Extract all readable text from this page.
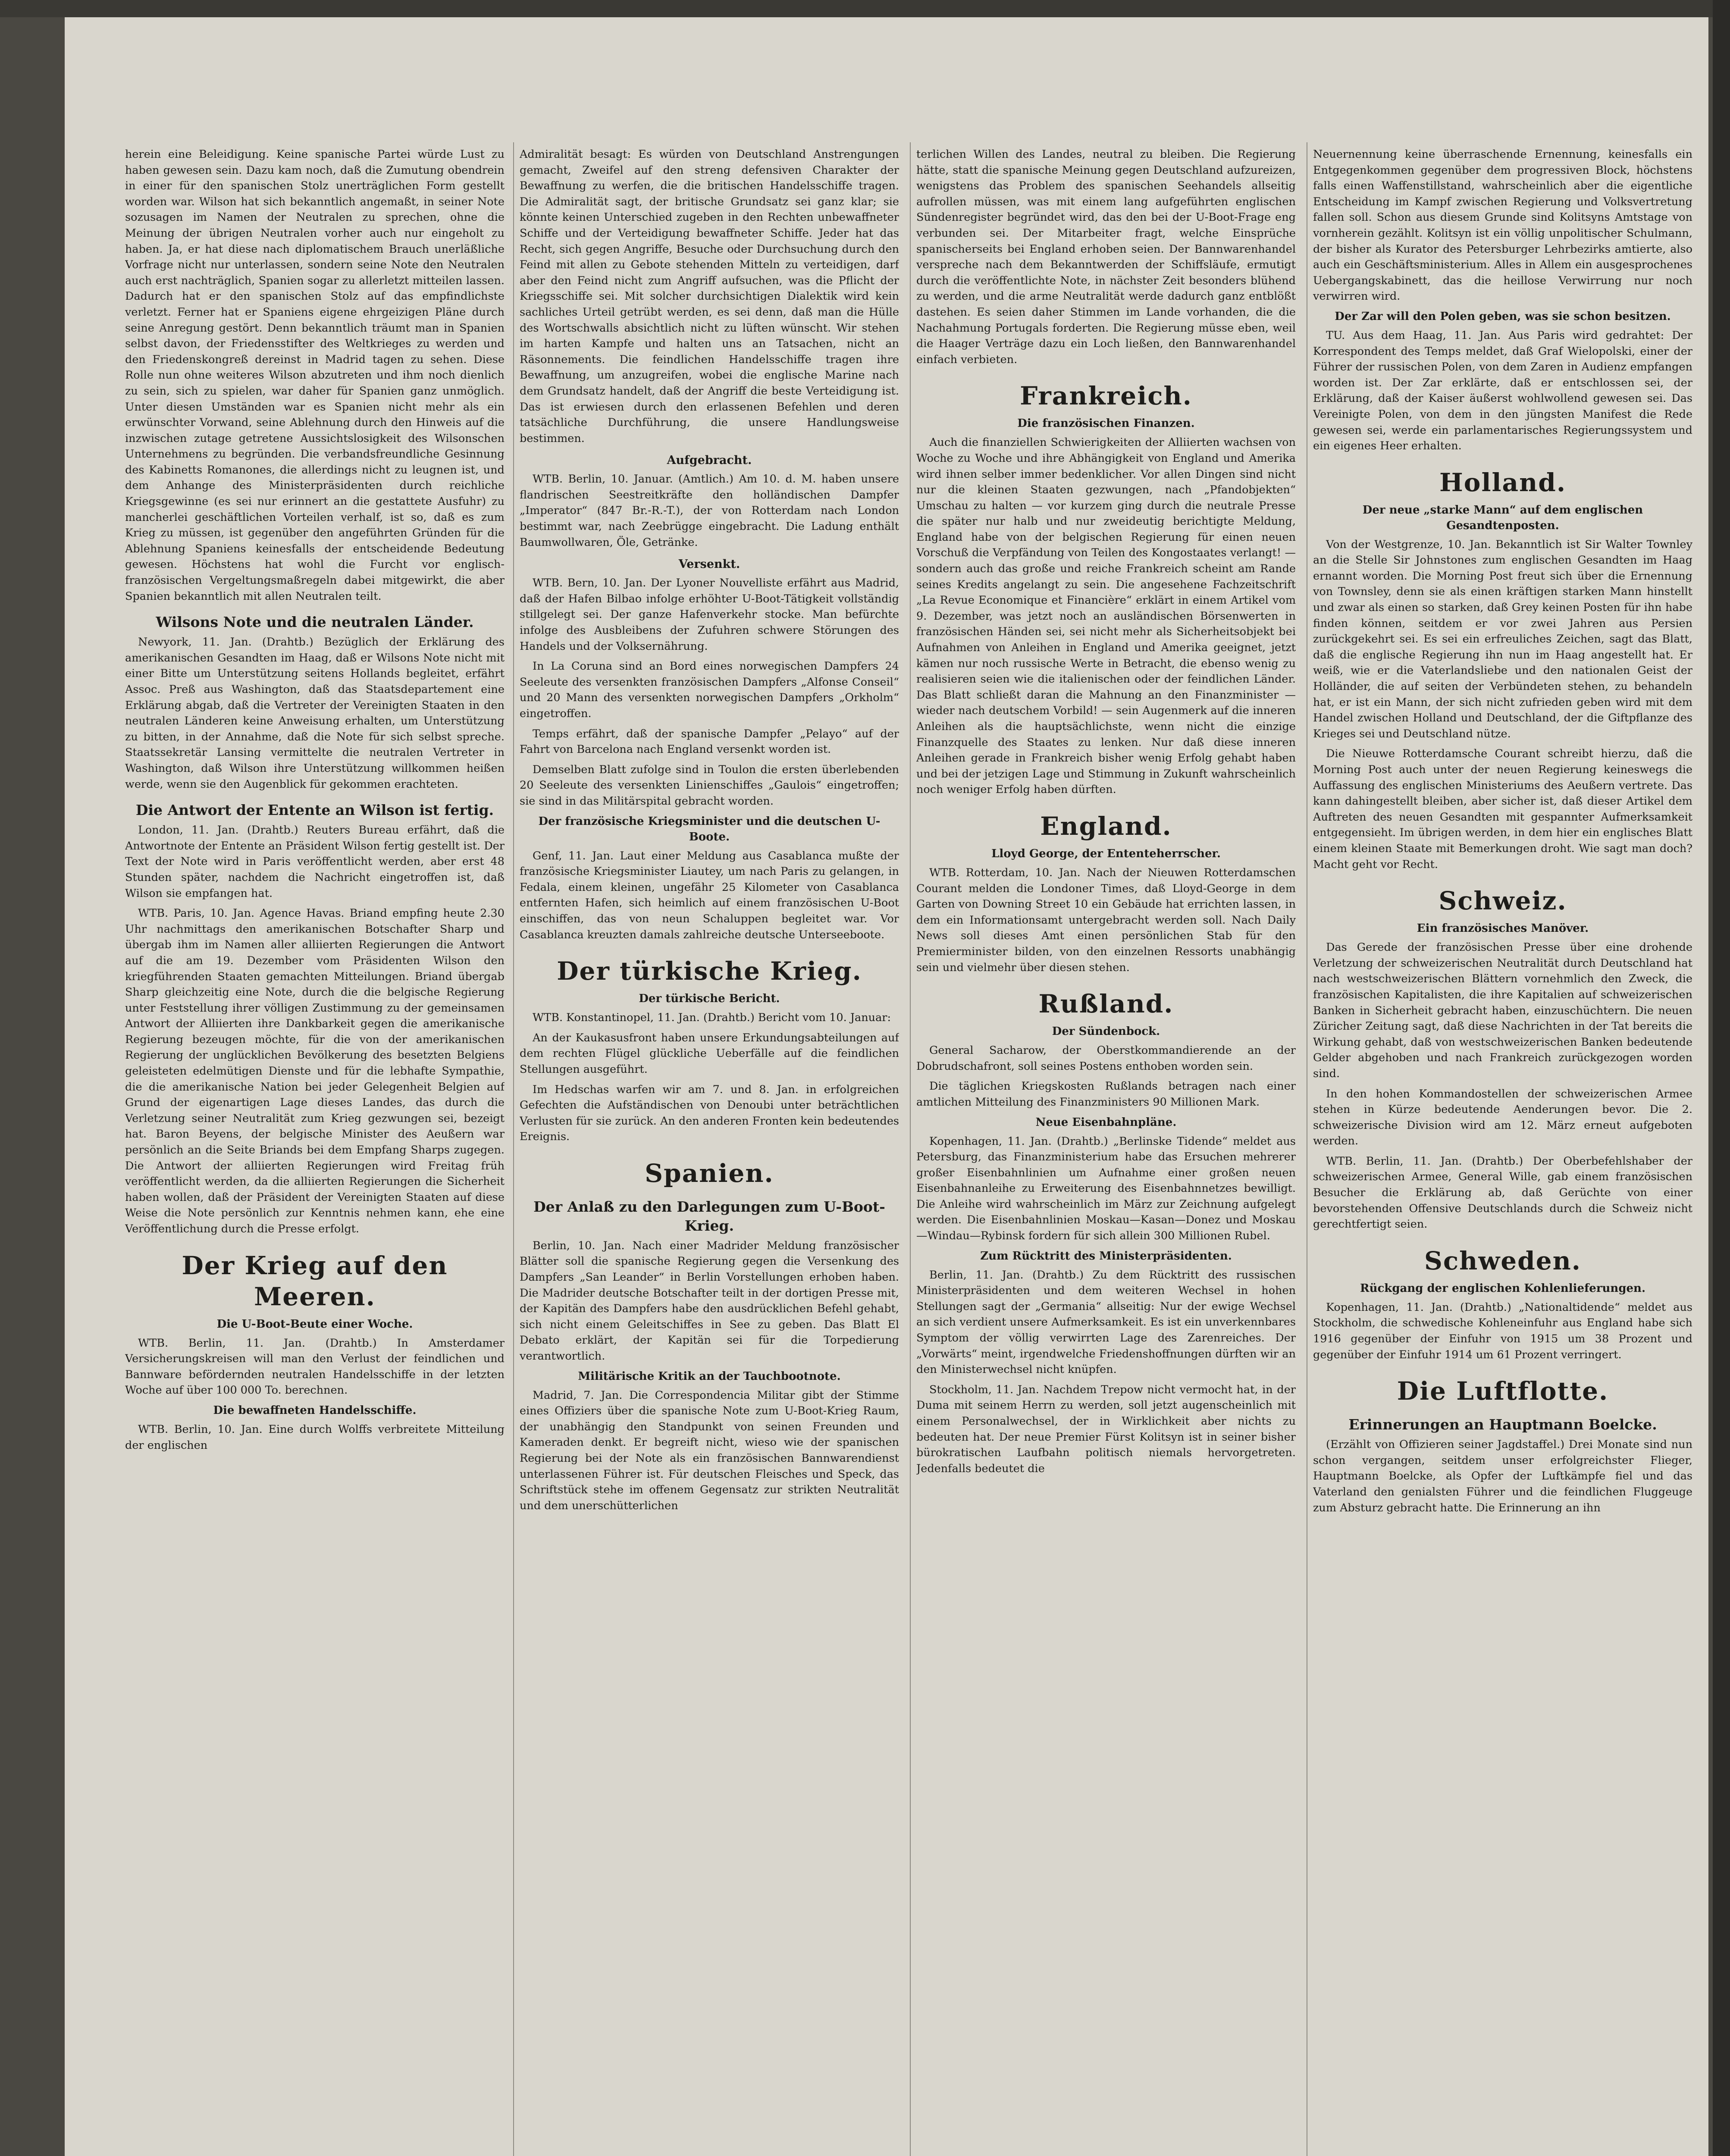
herein eine Beleidigung. Keine spanische Partei würde Lust zu haben gewesen sein. Dazu kam noch, daß die Zumutung obendrein in einer für den spanischen Stolz unerträglichen Form gestellt worden war. Wilson hat sich bekanntlich angemaßt, in seiner Note sozusagen im Namen der Neutralen zu sprechen, ohne die Meinung der übrigen Neutralen vorher auch nur eingeholt zu haben. Ja, er hat diese nach diplomatischem Brauch unerläßliche Vorfrage nicht nur unterlassen, sondern seine Note den Neutralen auch erst nachträglich, Spanien sogar zu allerletzt mitteilen lassen. Dadurch hat er den spanischen Stolz auf das empfindlichste verletzt. Ferner hat er Spaniens eigene ehrgeizigen Pläne durch seine Anregung gestört. Denn bekanntlich träumt man in Spanien selbst davon, der Friedensstifter des Weltkrieges zu werden und den Friedenskongreß dereinst in Madrid tagen zu sehen. Diese Rolle nun ohne weiteres Wilson abzutreten und ihm noch dienlich zu sein, sich zu spielen, war daher für Spanien ganz unmöglich. Unter diesen Umständen war es Spanien nicht mehr als ein erwünschter Vorwand, seine Ablehnung durch den Hinweis auf die inzwischen zutage getretene Aussichtslosigkeit des Wilsonschen Unternehmens zu begründen. Die verbandsfreundliche Gesinnung des Kabinetts Romanones, die allerdings nicht zu leugnen ist, und dem Anhange des Ministerpräsidenten durch reichliche Kriegsgewinne (es sei nur erinnert an die gestattete Ausfuhr) zu mancherlei geschäftlichen Vorteilen verhalf, ist so, daß es zum Krieg zu müssen, ist gegenüber den angeführten Gründen für die Ablehnung Spaniens keinesfalls der entscheidende Bedeutung gewesen. Höchstens hat wohl die Furcht vor englisch-französischen Vergeltungsmaßregeln dabei mitgewirkt, die aber Spanien bekanntlich mit allen Neutralen teilt.

Wilsons Note und die neutralen Länder.

Newyork, 11. Jan. (Drahtb.) Bezüglich der Erklärung des amerikanischen Gesandten im Haag, daß er Wilsons Note nicht mit einer Bitte um Unterstützung seitens Hollands begleitet, erfährt Assoc. Preß aus Washington, daß das Staatsdepartement eine Erklärung abgab, daß die Vertreter der Vereinigten Staaten in den neutralen Länderen keine Anweisung erhalten, um Unterstützung zu bitten, in der Annahme, daß die Note für sich selbst spreche. Staatssekretär Lansing vermittelte die neutralen Vertreter in Washington, daß Wilson ihre Unterstützung willkommen heißen werde, wenn sie den Augenblick für gekommen erachteten.

Die Antwort der Entente an Wilson ist fertig.

London, 11. Jan. (Drahtb.) Reuters Bureau erfährt, daß die Antwortnote der Entente an Präsident Wilson fertig gestellt ist. Der Text der Note wird in Paris veröffentlicht werden, aber erst 48 Stunden später, nachdem die Nachricht eingetroffen ist, daß Wilson sie empfangen hat.

WTB. Paris, 10. Jan. Agence Havas. Briand empfing heute 2.30 Uhr nachmittags den amerikanischen Botschafter Sharp und übergab ihm im Namen aller alliierten Regierungen die Antwort auf die am 19. Dezember vom Präsidenten Wilson den kriegführenden Staaten gemachten Mitteilungen. Briand übergab Sharp gleichzeitig eine Note, durch die die belgische Regierung unter Feststellung ihrer völligen Zustimmung zu der gemeinsamen Antwort der Alliierten ihre Dankbarkeit gegen die amerikanische Regierung bezeugen möchte, für die von der amerikanischen Regierung der unglücklichen Bevölkerung des besetzten Belgiens geleisteten edelmütigen Dienste und für die lebhafte Sympathie, die die amerikanische Nation bei jeder Gelegenheit Belgien auf Grund der eigenartigen Lage dieses Landes, das durch die Verletzung seiner Neutralität zum Krieg gezwungen sei, bezeigt hat. Baron Beyens, der belgische Minister des Aeußern war persönlich an die Seite Briands bei dem Empfang Sharps zugegen. Die Antwort der alliierten Regierungen wird Freitag früh veröffentlicht werden, da die alliierten Regierungen die Sicherheit haben wollen, daß der Präsident der Vereinigten Staaten auf diese Weise die Note persönlich zur Kenntnis nehmen kann, ehe eine Veröffentlichung durch die Presse erfolgt.

Der Krieg auf den Meeren.
Die U-Boot-Beute einer Woche.

WTB. Berlin, 11. Jan. (Drahtb.) In Amsterdamer Versicherungskreisen will man den Verlust der feindlichen und Bannware befördernden neutralen Handelsschiffe in der letzten Woche auf über 100 000 To. berechnen.

Die bewaffneten Handelsschiffe.

WTB. Berlin, 10. Jan. Eine durch Wolffs verbreitete Mitteilung der englischen

Admiralität besagt: Es würden von Deutschland Anstrengungen gemacht, Zweifel auf den streng defensiven Charakter der Bewaffnung zu werfen, die die britischen Handelsschiffe tragen. Die Admiralität sagt, der britische Grundsatz sei ganz klar; sie könnte keinen Unterschied zugeben in den Rechten unbewaffneter Schiffe und der Verteidigung bewaffneter Schiffe. Jeder hat das Recht, sich gegen Angriffe, Besuche oder Durchsuchung durch den Feind mit allen zu Gebote stehenden Mitteln zu verteidigen, darf aber den Feind nicht zum Angriff aufsuchen, was die Pflicht der Kriegsschiffe sei. Mit solcher durchsichtigen Dialektik wird kein sachliches Urteil getrübt werden, es sei denn, daß man die Hülle des Wortschwalls absichtlich nicht zu lüften wünscht. Wir stehen im harten Kampfe und halten uns an Tatsachen, nicht an Räsonnements. Die feindlichen Handelsschiffe tragen ihre Bewaffnung, um anzugreifen, wobei die englische Marine nach dem Grundsatz handelt, daß der Angriff die beste Verteidigung ist. Das ist erwiesen durch den erlassenen Befehlen und deren tatsächliche Durchführung, die unsere Handlungsweise bestimmen.

Aufgebracht.

WTB. Berlin, 10. Januar. (Amtlich.) Am 10. d. M. haben unsere flandrischen Seestreitkräfte den holländischen Dampfer „Imperator“ (847 Br.-R.-T.), der von Rotterdam nach London bestimmt war, nach Zeebrügge eingebracht. Die Ladung enthält Baumwollwaren, Öle, Getränke.

Versenkt.

WTB. Bern, 10. Jan. Der Lyoner Nouvelliste erfährt aus Madrid, daß der Hafen Bilbao infolge erhöhter U-Boot-Tätigkeit vollständig stillgelegt sei. Der ganze Hafenverkehr stocke. Man befürchte infolge des Ausbleibens der Zufuhren schwere Störungen des Handels und der Volksernährung.

In La Coruna sind an Bord eines norwegischen Dampfers 24 Seeleute des versenkten französischen Dampfers „Alfonse Conseil“ und 20 Mann des versenkten norwegischen Dampfers „Orkholm“ eingetroffen.

Temps erfährt, daß der spanische Dampfer „Pelayo“ auf der Fahrt von Barcelona nach England versenkt worden ist.

Demselben Blatt zufolge sind in Toulon die ersten überlebenden 20 Seeleute des versenkten Linienschiffes „Gaulois“ eingetroffen; sie sind in das Militärspital gebracht worden.

Der französische Kriegsminister und die deutschen U-Boote.

Genf, 11. Jan. Laut einer Meldung aus Casablanca mußte der französische Kriegsminister Liautey, um nach Paris zu gelangen, in Fedala, einem kleinen, ungefähr 25 Kilometer von Casablanca entfernten Hafen, sich heimlich auf einem französischen U-Boot einschiffen, das von neun Schaluppen begleitet war. Vor Casablanca kreuzten damals zahlreiche deutsche Unterseeboote.

Der türkische Krieg.
Der türkische Bericht.

WTB. Konstantinopel, 11. Jan. (Drahtb.) Bericht vom 10. Januar:

An der Kaukasusfront haben unsere Erkundungsabteilungen auf dem rechten Flügel glückliche Ueberfälle auf die feindlichen Stellungen ausgeführt.

Im Hedschas warfen wir am 7. und 8. Jan. in erfolgreichen Gefechten die Aufständischen von Denoubi unter beträchtlichen Verlusten für sie zurück. An den anderen Fronten kein bedeutendes Ereignis.

Spanien.
Der Anlaß zu den Darlegungen zum U-Boot-Krieg.

Berlin, 10. Jan. Nach einer Madrider Meldung französischer Blätter soll die spanische Regierung gegen die Versenkung des Dampfers „San Leander“ in Berlin Vorstellungen erhoben haben. Die Madrider deutsche Botschafter teilt in der dortigen Presse mit, der Kapitän des Dampfers habe den ausdrücklichen Befehl gehabt, sich nicht einem Geleitschiffes in See zu geben. Das Blatt El Debato erklärt, der Kapitän sei für die Torpedierung verantwortlich.

Militärische Kritik an der Tauchbootnote.

Madrid, 7. Jan. Die Correspondencia Militar gibt der Stimme eines Offiziers über die spanische Note zum U-Boot-Krieg Raum, der unabhängig den Standpunkt von seinen Freunden und Kameraden denkt. Er begreift nicht, wieso wie der spanischen Regierung bei der Note als ein französischen Bannwarendienst unterlassenen Führer ist. Für deutschen Fleisches und Speck, das Schriftstück stehe im offenem Gegensatz zur strikten Neutralität und dem unerschütterlichen

terlichen Willen des Landes, neutral zu bleiben. Die Regierung hätte, statt die spanische Meinung gegen Deutschland aufzureizen, wenigstens das Problem des spanischen Seehandels allseitig aufrollen müssen, was mit einem lang aufgeführten englischen Sündenregister begründet wird, das den bei der U-Boot-Frage eng verbunden sei. Der Mitarbeiter fragt, welche Einsprüche spanischerseits bei England erhoben seien. Der Bannwarenhandel verspreche nach dem Bekanntwerden der Schiffsläufe, ermutigt durch die veröffentlichte Note, in nächster Zeit besonders blühend zu werden, und die arme Neutralität werde dadurch ganz entblößt dastehen. Es seien daher Stimmen im Lande vorhanden, die die Nachahmung Portugals forderten. Die Regierung müsse eben, weil die Haager Verträge dazu ein Loch ließen, den Bannwarenhandel einfach verbieten.

Frankreich.
Die französischen Finanzen.

Auch die finanziellen Schwierigkeiten der Alliierten wachsen von Woche zu Woche und ihre Abhängigkeit von England und Amerika wird ihnen selber immer bedenklicher. Vor allen Dingen sind nicht nur die kleinen Staaten gezwungen, nach „Pfandobjekten“ Umschau zu halten — vor kurzem ging durch die neutrale Presse die später nur halb und nur zweideutig berichtigte Meldung, England habe von der belgischen Regierung für einen neuen Vorschuß die Verpfändung von Teilen des Kongostaates verlangt! — sondern auch das große und reiche Frankreich scheint am Rande seines Kredits angelangt zu sein. Die angesehene Fachzeitschrift „La Revue Economique et Financière“ erklärt in einem Artikel vom 9. Dezember, was jetzt noch an ausländischen Börsenwerten in französischen Händen sei, sei nicht mehr als Sicherheitsobjekt bei Aufnahmen von Anleihen in England und Amerika geeignet, jetzt kämen nur noch russische Werte in Betracht, die ebenso wenig zu realisieren seien wie die italienischen oder der feindlichen Länder. Das Blatt schließt daran die Mahnung an den Finanzminister — wieder nach deutschem Vorbild! — sein Augenmerk auf die inneren Anleihen als die hauptsächlichste, wenn nicht die einzige Finanzquelle des Staates zu lenken. Nur daß diese inneren Anleihen gerade in Frankreich bisher wenig Erfolg gehabt haben und bei der jetzigen Lage und Stimmung in Zukunft wahrscheinlich noch weniger Erfolg haben dürften.

England.
Lloyd George, der Ententeherrscher.

WTB. Rotterdam, 10. Jan. Nach der Nieuwen Rotterdamschen Courant melden die Londoner Times, daß Lloyd-George in dem Garten von Downing Street 10 ein Gebäude hat errichten lassen, in dem ein Informationsamt untergebracht werden soll. Nach Daily News soll dieses Amt einen persönlichen Stab für den Premierminister bilden, von den einzelnen Ressorts unabhängig sein und vielmehr über diesen stehen.

Rußland.
Der Sündenbock.

General Sacharow, der Oberstkommandierende an der Dobrudschafront, soll seines Postens enthoben worden sein.

Die täglichen Kriegskosten Rußlands betragen nach einer amtlichen Mitteilung des Finanzministers 90 Millionen Mark.

Neue Eisenbahnpläne.

Kopenhagen, 11. Jan. (Drahtb.) „Berlinske Tidende“ meldet aus Petersburg, das Finanzministerium habe das Ersuchen mehrerer großer Eisenbahnlinien um Aufnahme einer großen neuen Eisenbahnanleihe zu Erweiterung des Eisenbahnnetzes bewilligt. Die Anleihe wird wahrscheinlich im März zur Zeichnung aufgelegt werden. Die Eisenbahnlinien Moskau—Kasan—Donez und Moskau—Windau—Rybinsk fordern für sich allein 300 Millionen Rubel.

Zum Rücktritt des Ministerpräsidenten.

Berlin, 11. Jan. (Drahtb.) Zu dem Rücktritt des russischen Ministerpräsidenten und dem weiteren Wechsel in hohen Stellungen sagt der „Germania“ allseitig: Nur der ewige Wechsel an sich verdient unsere Aufmerksamkeit. Es ist ein unverkennbares Symptom der völlig verwirrten Lage des Zarenreiches. Der „Vorwärts“ meint, irgendwelche Friedenshoffnungen dürften wir an den Ministerwechsel nicht knüpfen.

Stockholm, 11. Jan. Nachdem Trepow nicht vermocht hat, in der Duma mit seinem Herrn zu werden, soll jetzt augenscheinlich mit einem Personalwechsel, der in Wirklichkeit aber nichts zu bedeuten hat. Der neue Premier Fürst Kolitsyn ist in seiner bisher bürokratischen Laufbahn politisch niemals hervorgetreten. Jedenfalls bedeutet die

Neuernennung keine überraschende Ernennung, keinesfalls ein Entgegenkommen gegenüber dem progressiven Block, höchstens falls einen Waffenstillstand, wahrscheinlich aber die eigentliche Entscheidung im Kampf zwischen Regierung und Volksvertretung fallen soll. Schon aus diesem Grunde sind Kolitsyns Amtstage von vornherein gezählt. Kolitsyn ist ein völlig unpolitischer Schulmann, der bisher als Kurator des Petersburger Lehrbezirks amtierte, also auch ein Geschäftsministerium. Alles in Allem ein ausgesprochenes Uebergangskabinett, das die heillose Verwirrung nur noch verwirren wird.

Der Zar will den Polen geben, was sie schon besitzen.

TU. Aus dem Haag, 11. Jan. Aus Paris wird gedrahtet: Der Korrespondent des Temps meldet, daß Graf Wielopolski, einer der Führer der russischen Polen, von dem Zaren in Audienz empfangen worden ist. Der Zar erklärte, daß er entschlossen sei, der Erklärung, daß der Kaiser äußerst wohlwollend gewesen sei. Das Vereinigte Polen, von dem in den jüngsten Manifest die Rede gewesen sei, werde ein parlamentarisches Regierungssystem und ein eigenes Heer erhalten.

Holland.
Der neue „starke Mann“ auf dem englischen Gesandtenposten.

Von der Westgrenze, 10. Jan. Bekanntlich ist Sir Walter Townley an die Stelle Sir Johnstones zum englischen Gesandten im Haag ernannt worden. Die Morning Post freut sich über die Ernennung von Townsley, denn sie als einen kräftigen starken Mann hinstellt und zwar als einen so starken, daß Grey keinen Posten für ihn habe finden können, seitdem er vor zwei Jahren aus Persien zurückgekehrt sei. Es sei ein erfreuliches Zeichen, sagt das Blatt, daß die englische Regierung ihn nun im Haag angestellt hat. Er weiß, wie er die Vaterlandsliebe und den nationalen Geist der Holländer, die auf seiten der Verbündeten stehen, zu behandeln hat, er ist ein Mann, der sich nicht zufrieden geben wird mit dem Handel zwischen Holland und Deutschland, der die Giftpflanze des Krieges sei und Deutschland nütze.

Die Nieuwe Rotterdamsche Courant schreibt hierzu, daß die Morning Post auch unter der neuen Regierung keineswegs die Auffassung des englischen Ministeriums des Aeußern vertrete. Das kann dahingestellt bleiben, aber sicher ist, daß dieser Artikel dem Auftreten des neuen Gesandten mit gespannter Aufmerksamkeit entgegensieht. Im übrigen werden, in dem hier ein englisches Blatt einem kleinen Staate mit Bemerkungen droht. Wie sagt man doch? Macht geht vor Recht.

Schweiz.
Ein französisches Manöver.

Das Gerede der französischen Presse über eine drohende Verletzung der schweizerischen Neutralität durch Deutschland hat nach westschweizerischen Blättern vornehmlich den Zweck, die französischen Kapitalisten, die ihre Kapitalien auf schweizerischen Banken in Sicherheit gebracht haben, einzuschüchtern. Die neuen Züricher Zeitung sagt, daß diese Nachrichten in der Tat bereits die Wirkung gehabt, daß von westschweizerischen Banken bedeutende Gelder abgehoben und nach Frankreich zurückgezogen worden sind.

In den hohen Kommandostellen der schweizerischen Armee stehen in Kürze bedeutende Aenderungen bevor. Die 2. schweizerische Division wird am 12. März erneut aufgeboten werden.

WTB. Berlin, 11. Jan. (Drahtb.) Der Oberbefehlshaber der schweizerischen Armee, General Wille, gab einem französischen Besucher die Erklärung ab, daß Gerüchte von einer bevorstehenden Offensive Deutschlands durch die Schweiz nicht gerechtfertigt seien.

Schweden.
Rückgang der englischen Kohlenlieferungen.

Kopenhagen, 11. Jan. (Drahtb.) „Nationaltidende“ meldet aus Stockholm, die schwedische Kohleneinfuhr aus England habe sich 1916 gegenüber der Einfuhr von 1915 um 38 Prozent und gegenüber der Einfuhr 1914 um 61 Prozent verringert.

Die Luftflotte.
Erinnerungen an Hauptmann Boelcke.

(Erzählt von Offizieren seiner Jagdstaffel.) Drei Monate sind nun schon vergangen, seitdem unser erfolgreichster Flieger, Hauptmann Boelcke, als Opfer der Luftkämpfe fiel und das Vaterland den genialsten Führer und die feindlichen Fluggeuge zum Absturz gebracht hatte. Die Erinnerung an ihn
